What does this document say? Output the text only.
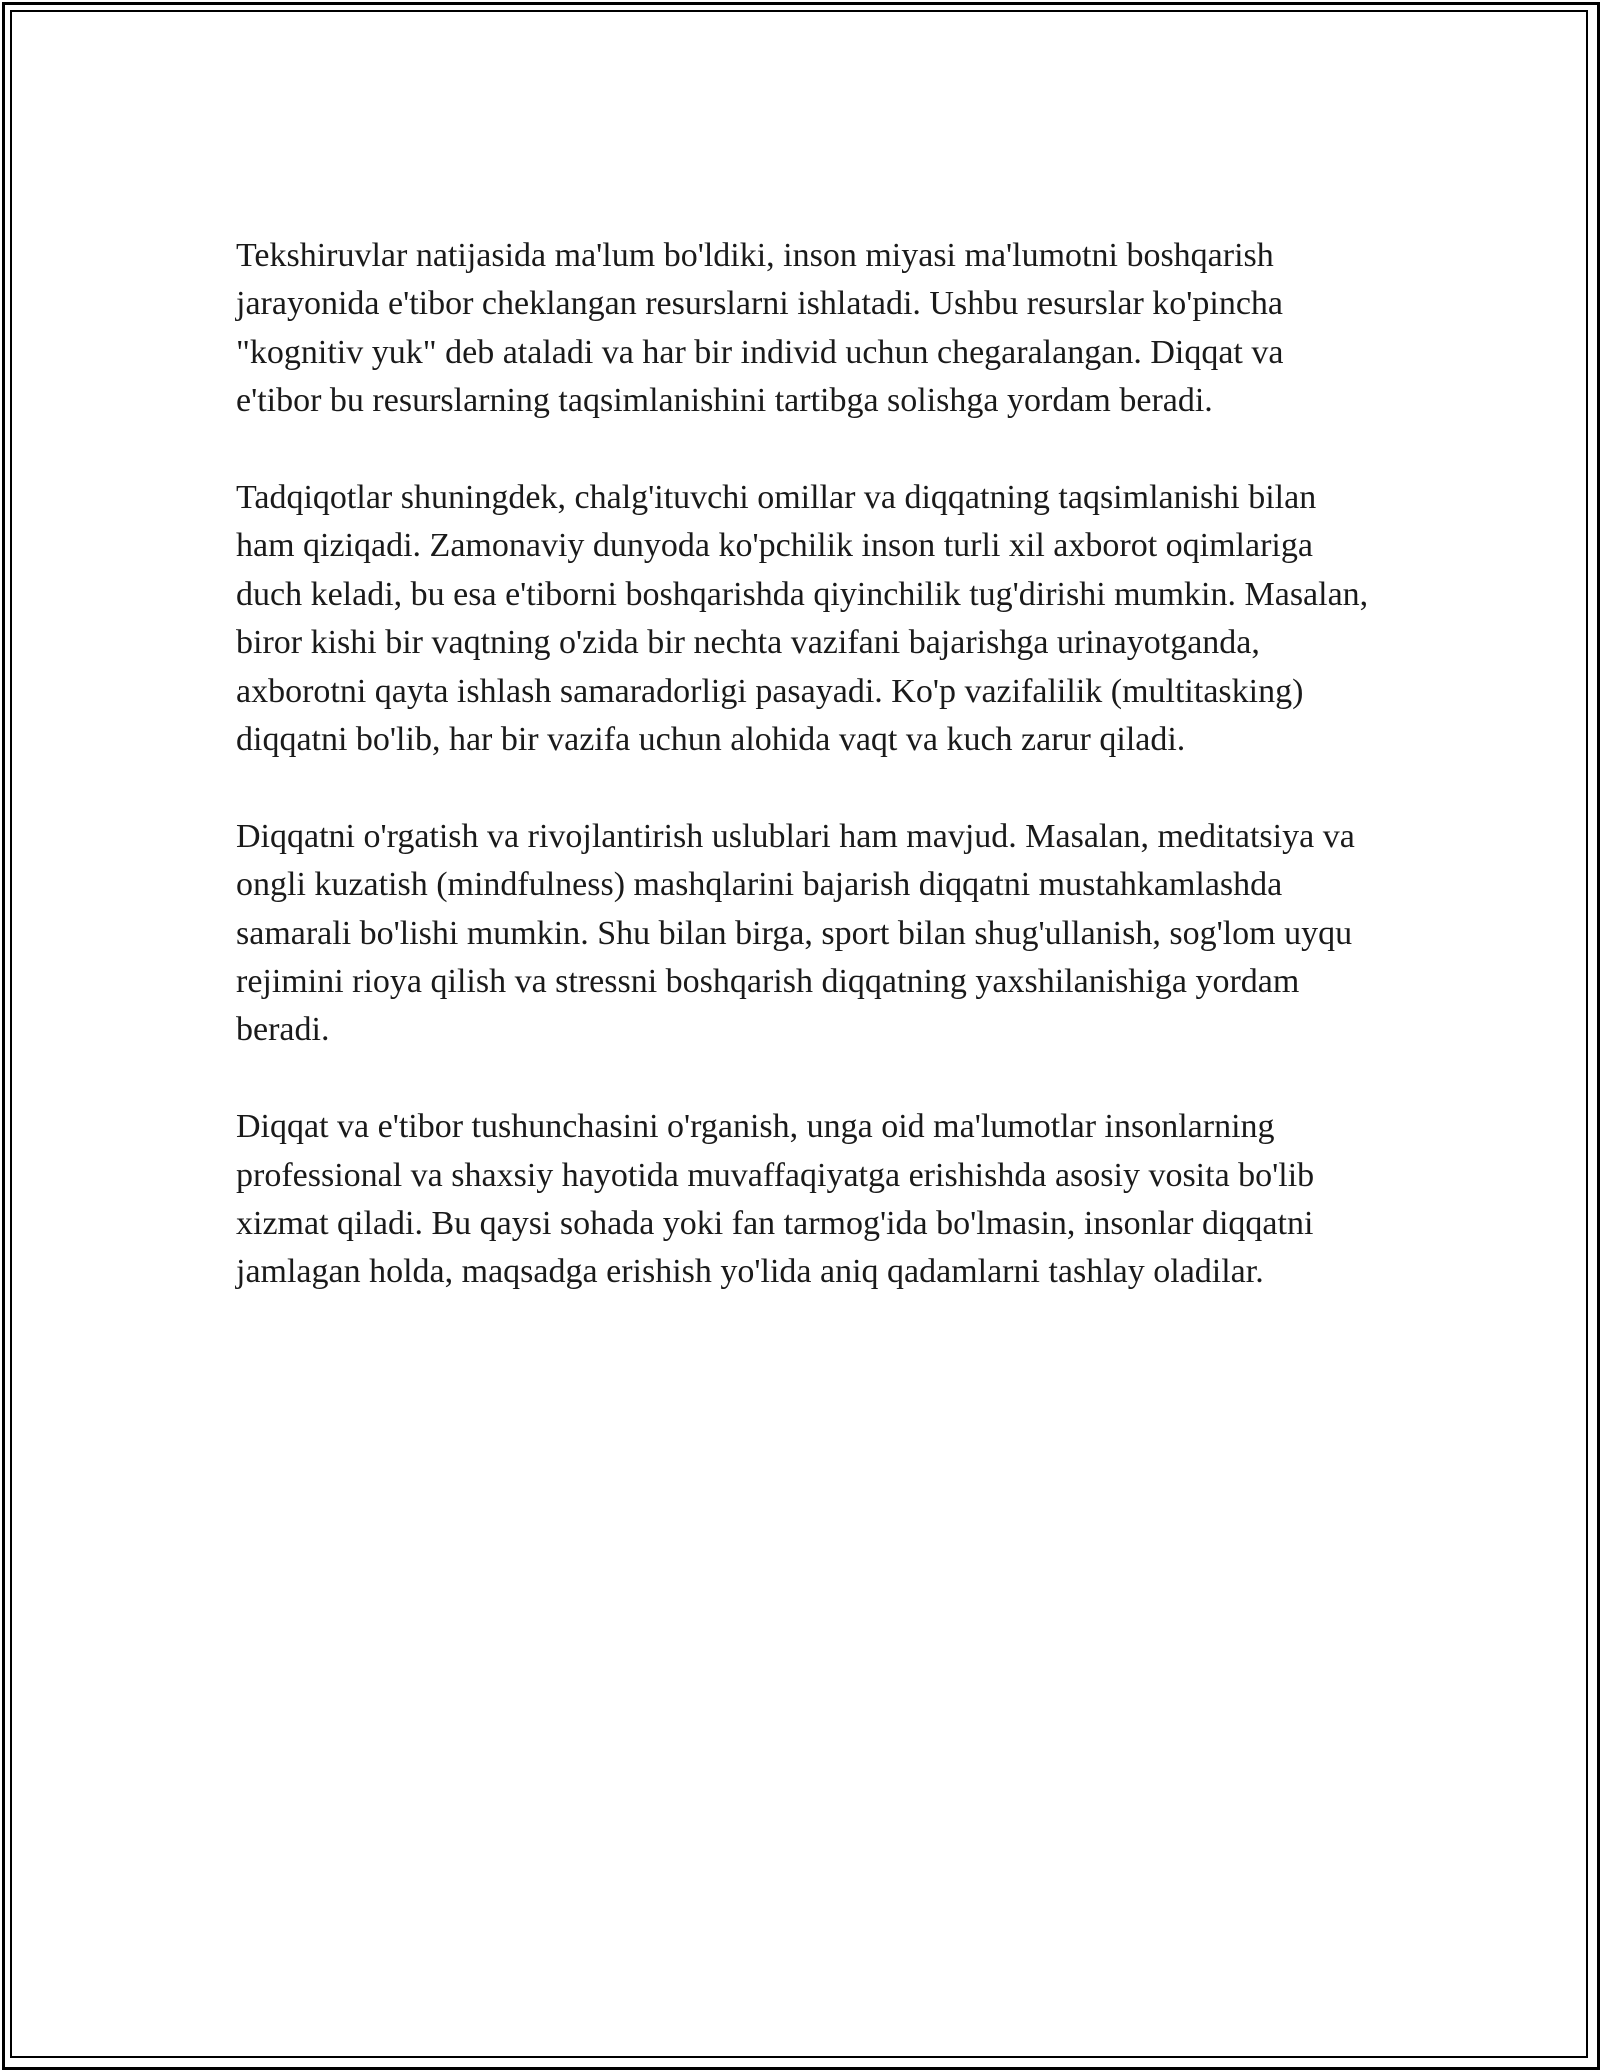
Tekshiruvlar natijasida ma'lum bo'ldiki, inson miyasi ma'lumotni boshqarish jarayonida e'tibor cheklangan resurslarni ishlatadi. Ushbu resurslar ko'pincha "kognitiv yuk" deb ataladi va har bir individ uchun chegaralangan. Diqqat va e'tibor bu resurslarning taqsimlanishini tartibga solishga yordam beradi.

Tadqiqotlar shuningdek, chalg'ituvchi omillar va diqqatning taqsimlanishi bilan ham qiziqadi. Zamonaviy dunyoda ko'pchilik inson turli xil axborot oqimlariga duch keladi, bu esa e'tiborni boshqarishda qiyinchilik tug'dirishi mumkin. Masalan, biror kishi bir vaqtning o'zida bir nechta vazifani bajarishga urinayotganda, axborotni qayta ishlash samaradorligi pasayadi. Ko'p vazifalilik (multitasking) diqqatni bo'lib, har bir vazifa uchun alohida vaqt va kuch zarur qiladi.

Diqqatni o'rgatish va rivojlantirish uslublari ham mavjud. Masalan, meditatsiya va ongli kuzatish (mindfulness) mashqlarini bajarish diqqatni mustahkamlashda samarali bo'lishi mumkin. Shu bilan birga, sport bilan shug'ullanish, sog'lom uyqu rejimini rioya qilish va stressni boshqarish diqqatning yaxshilanishiga yordam beradi.

Diqqat va e'tibor tushunchasini o'rganish, unga oid ma'lumotlar insonlarning professional va shaxsiy hayotida muvaffaqiyatga erishishda asosiy vosita bo'lib xizmat qiladi. Bu qaysi sohada yoki fan tarmog'ida bo'lmasin, insonlar diqqatni jamlagan holda, maqsadga erishish yo'lida aniq qadamlarni tashlay oladilar.
